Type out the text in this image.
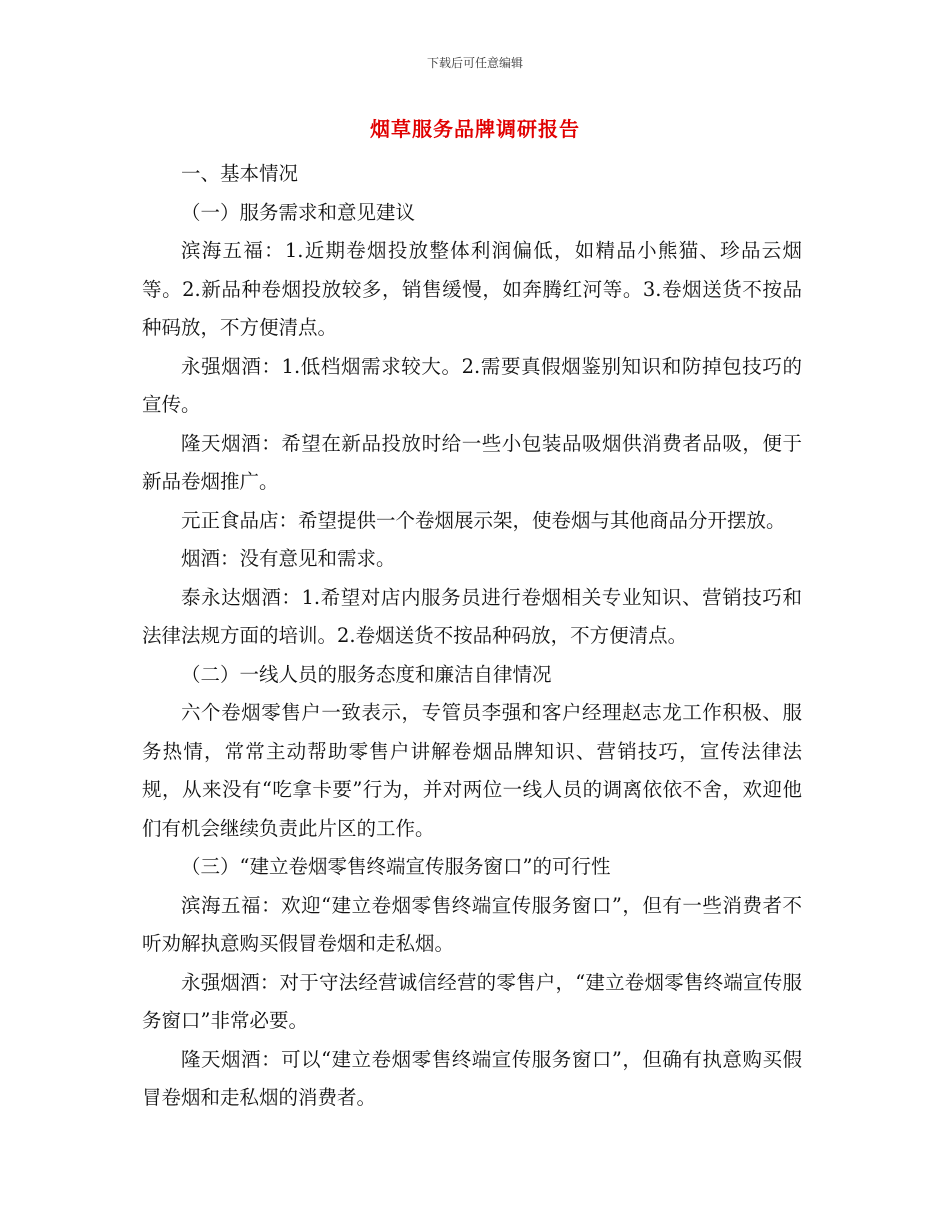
下载后可任意编辑
烟草服务品牌调研报告

一、基本情况

（一）服务需求和意见建议

滨海五福：1.近期卷烟投放整体利润偏低，如精品小熊猫、珍品云烟等。2.新品种卷烟投放较多，销售缓慢，如奔腾红河等。3.卷烟送货不按品种码放，不方便清点。

永强烟酒：1.低档烟需求较大。2.需要真假烟鉴别知识和防掉包技巧的宣传。

隆天烟酒：希望在新品投放时给一些小包装品吸烟供消费者品吸，便于新品卷烟推广。

元正食品店：希望提供一个卷烟展示架，使卷烟与其他商品分开摆放。

烟酒：没有意见和需求。

泰永达烟酒：1.希望对店内服务员进行卷烟相关专业知识、营销技巧和法律法规方面的培训。2.卷烟送货不按品种码放，不方便清点。

（二）一线人员的服务态度和廉洁自律情况

六个卷烟零售户一致表示，专管员李强和客户经理赵志龙工作积极、服务热情，常常主动帮助零售户讲解卷烟品牌知识、营销技巧，宣传法律法规，从来没有“吃拿卡要”行为，并对两位一线人员的调离依依不舍，欢迎他们有机会继续负责此片区的工作。

（三）“建立卷烟零售终端宣传服务窗口”的可行性

滨海五福：欢迎“建立卷烟零售终端宣传服务窗口”，但有一些消费者不听劝解执意购买假冒卷烟和走私烟。

永强烟酒：对于守法经营诚信经营的零售户，“建立卷烟零售终端宣传服务窗口”非常必要。

隆天烟酒：可以“建立卷烟零售终端宣传服务窗口”，但确有执意购买假冒卷烟和走私烟的消费者。
